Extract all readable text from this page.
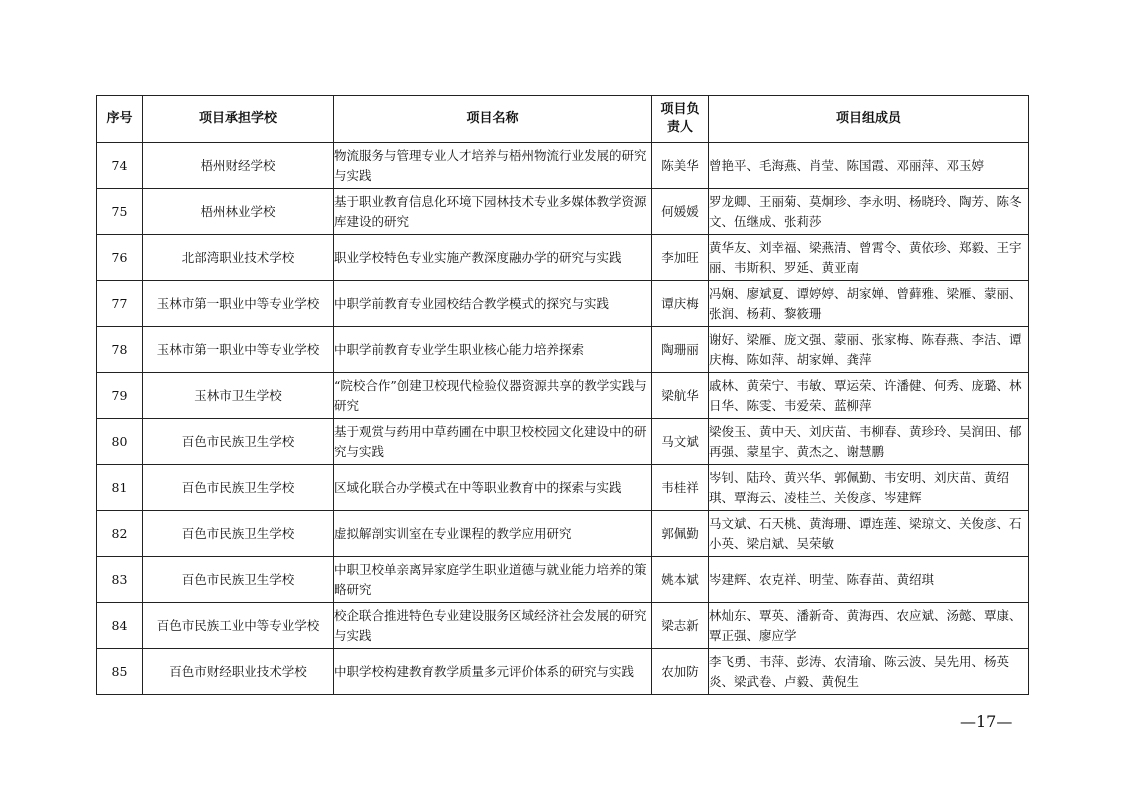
序号	项目承担学校	项目名称	项目负责人	项目组成员
74	梧州财经学校	物流服务与管理专业人才培养与梧州物流行业发展的研究与实践	陈美华	曾艳平、毛海燕、肖莹、陈国霞、邓丽萍、邓玉婷
75	梧州林业学校	基于职业教育信息化环境下园林技术专业多媒体教学资源库建设的研究	何媛媛	罗龙卿、王丽菊、莫炯珍、李永明、杨晓玲、陶芳、陈冬文、伍继成、张莉莎
76	北部湾职业技术学校	职业学校特色专业实施产教深度融办学的研究与实践	李加旺	黄华友、刘幸福、梁燕清、曾霄令、黄依珍、郑毅、王宇丽、韦斯积、罗延、黄亚南
77	玉林市第一职业中等专业学校	中职学前教育专业园校结合教学模式的探究与实践	谭庆梅	冯娴、廖斌夏、谭婷婷、胡家婵、曾藓雅、梁雁、蒙丽、张润、杨莉、黎筱珊
78	玉林市第一职业中等专业学校	中职学前教育专业学生职业核心能力培养探索	陶珊丽	谢好、梁雁、庞文强、蒙丽、张家梅、陈春燕、李洁、谭庆梅、陈如萍、胡家婵、龚萍
79	玉林市卫生学校	“院校合作”创建卫校现代检验仪器资源共享的教学实践与研究	梁航华	戚林、黄荣宁、韦敏、覃运荣、许潘健、何秀、庞璐、林日华、陈雯、韦爱荣、蓝柳萍
80	百色市民族卫生学校	基于观赏与药用中草药圃在中职卫校校园文化建设中的研究与实践	马文斌	梁俊玉、黄中天、刘庆苗、韦柳春、黄珍玲、吴润田、郁再强、蒙星宇、黄杰之、谢慧鹏
81	百色市民族卫生学校	区域化联合办学模式在中等职业教育中的探索与实践	韦桂祥	岑钊、陆玲、黄兴华、郭佩勤、韦安明、刘庆苗、黄绍琪、覃海云、凌桂兰、关俊彦、岑建辉
82	百色市民族卫生学校	虚拟解剖实训室在专业课程的教学应用研究	郭佩勤	马文斌、石天桃、黄海珊、谭连莲、梁琼文、关俊彦、石小英、梁启斌、吴荣敏
83	百色市民族卫生学校	中职卫校单亲离异家庭学生职业道德与就业能力培养的策略研究	姚本斌	岑建辉、农克祥、明莹、陈春苗、黄绍琪
84	百色市民族工业中等专业学校	校企联合推进特色专业建设服务区域经济社会发展的研究与实践	梁志新	林灿东、覃英、潘新奇、黄海西、农应斌、汤懿、覃康、覃正强、廖应学
85	百色市财经职业技术学校	中职学校构建教育教学质量多元评价体系的研究与实践	农加防	李飞勇、韦萍、彭涛、农清瑜、陈云波、吴先用、杨英炎、梁武卷、卢毅、黄倪生
—17—
